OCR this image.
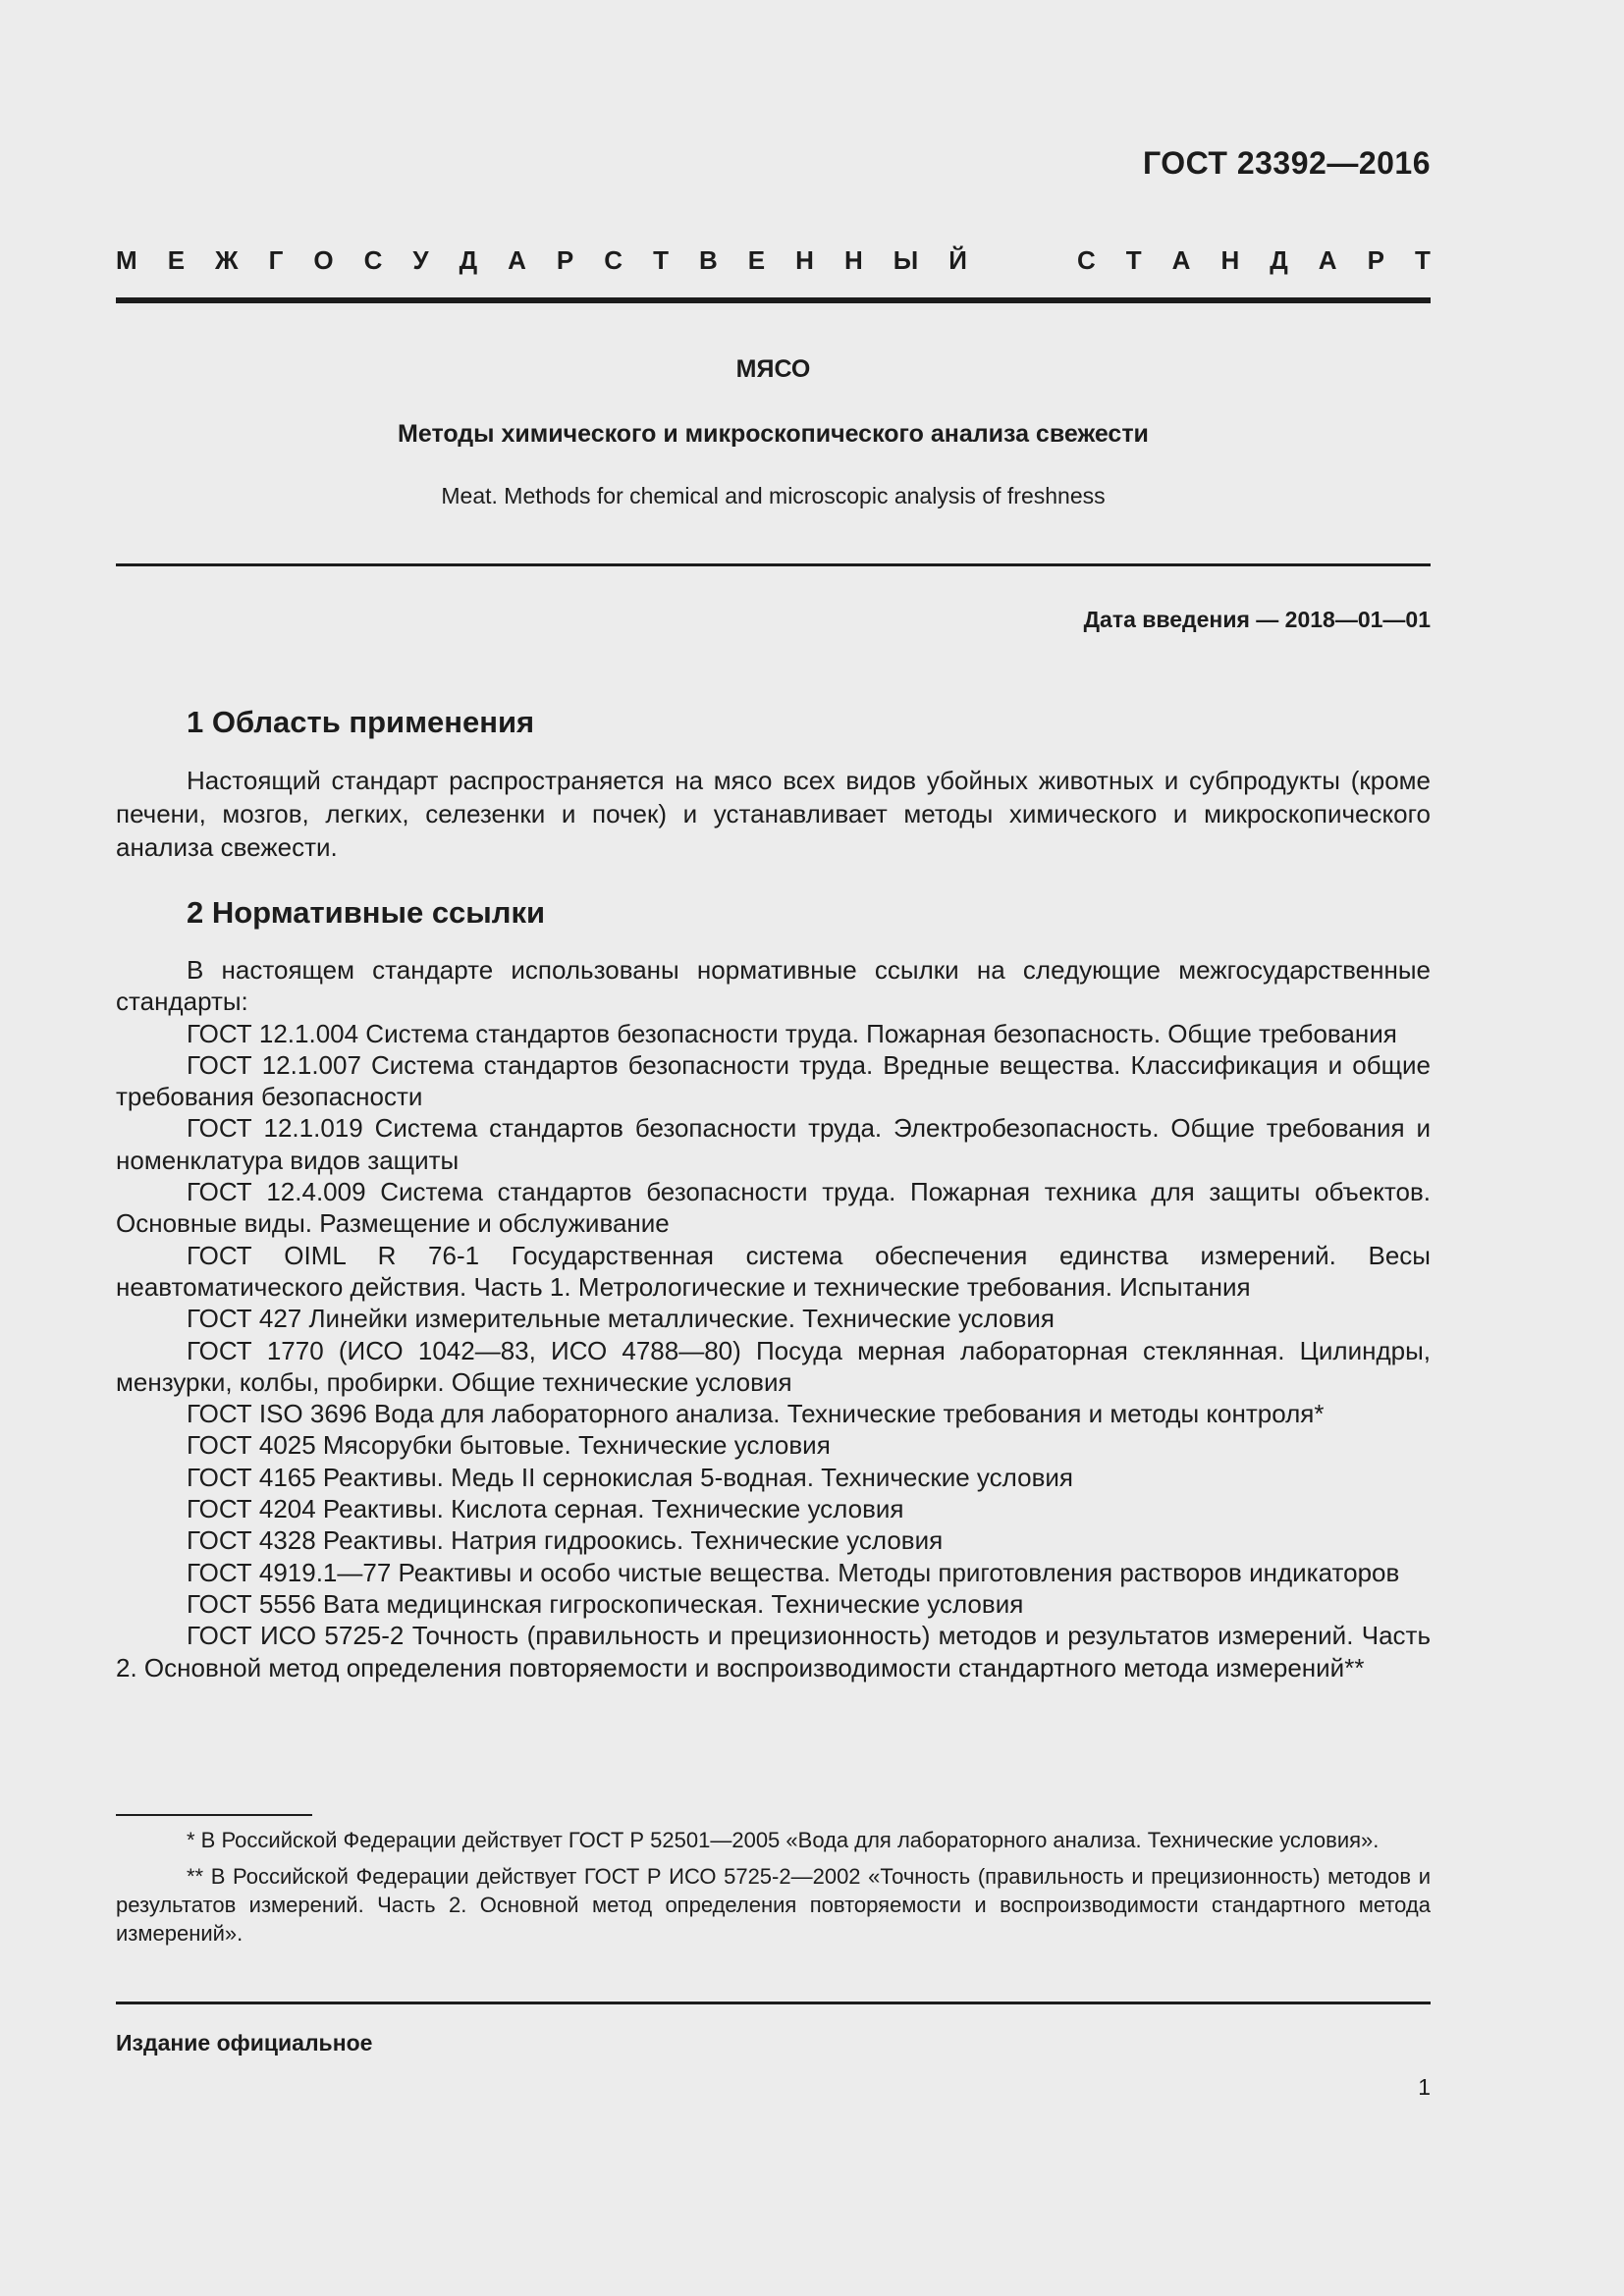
ГОСТ 23392—2016
М Е Ж Г О С У Д А Р С Т В Е Н Н Ы Й	С Т А Н Д А Р Т
МЯСО
Методы химического и микроскопического анализа свежести
Meat. Methods for chemical and microscopic analysis of freshness
Дата введения — 2018—01—01
1 Область применения

Настоящий стандарт распространяется на мясо всех видов убойных животных и субпродукты (кроме печени, мозгов, легких, селезенки и почек) и устанавливает методы химического и микроскопического анализа свежести.

2 Нормативные ссылки

В настоящем стандарте использованы нормативные ссылки на следующие межгосударственные стандарты:

ГОСТ 12.1.004 Система стандартов безопасности труда. Пожарная безопасность. Общие требования

ГОСТ 12.1.007 Система стандартов безопасности труда. Вредные вещества. Классификация и общие требования безопасности

ГОСТ 12.1.019 Система стандартов безопасности труда. Электробезопасность. Общие требования и номенклатура видов защиты

ГОСТ 12.4.009 Система стандартов безопасности труда. Пожарная техника для защиты объектов. Основные виды. Размещение и обслуживание

ГОСТ OIML R 76-1 Государственная система обеспечения единства измерений. Весы неавтоматического действия. Часть 1. Метрологические и технические требования. Испытания

ГОСТ 427 Линейки измерительные металлические. Технические условия

ГОСТ 1770 (ИСО 1042—83, ИСО 4788—80) Посуда мерная лабораторная стеклянная. Цилиндры, мензурки, колбы, пробирки. Общие технические условия

ГОСТ ISO 3696 Вода для лабораторного анализа. Технические требования и методы контроля*

ГОСТ 4025 Мясорубки бытовые. Технические условия

ГОСТ 4165 Реактивы. Медь II сернокислая 5-водная. Технические условия

ГОСТ 4204 Реактивы. Кислота серная. Технические условия

ГОСТ 4328 Реактивы. Натрия гидроокись. Технические условия

ГОСТ 4919.1—77 Реактивы и особо чистые вещества. Методы приготовления растворов индикаторов

ГОСТ 5556 Вата медицинская гигроскопическая. Технические условия

ГОСТ ИСО 5725-2 Точность (правильность и прецизионность) методов и результатов измерений. Часть 2. Основной метод определения повторяемости и воспроизводимости стандартного метода измерений**

* В Российской Федерации действует ГОСТ Р 52501—2005 «Вода для лабораторного анализа. Технические условия».

** В Российской Федерации действует ГОСТ Р ИСО 5725-2—2002 «Точность (правильность и прецизионность) методов и результатов измерений. Часть 2. Основной метод определения повторяемости и воспроизводимости стандартного метода измерений».

Издание официальное
1
